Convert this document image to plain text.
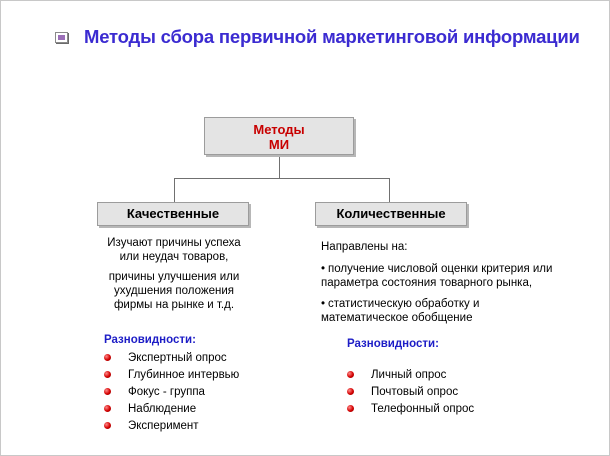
Методы сбора первичной маркетинговой информации
Методы
МИ
Качественные	Количественные
Изучают причины успеха
или неудач товаров,
причины улучшения или
ухудшения положения
фирмы на рынке и т.д.
Разновидности:
Экспертный опрос
Глубинное интервью
Фокус - группа
Наблюдение
Эксперимент
Направлены на:
• получение числовой оценки критерия или
параметра состояния товарного рынка,
• статистическую обработку и
математическое обобщение
Разновидности:
Личный опрос
Почтовый опрос
Телефонный опрос
